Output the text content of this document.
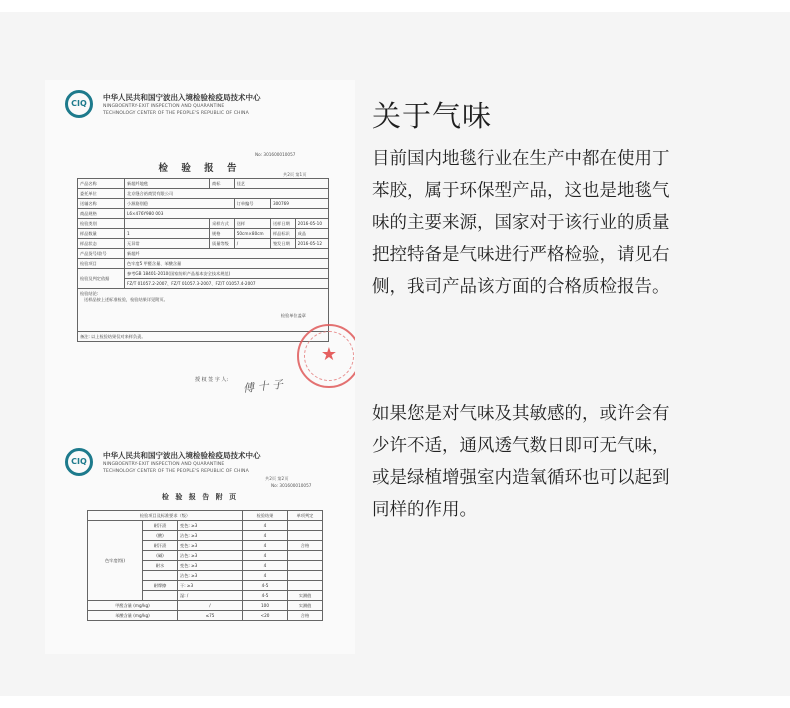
CIQ
中华人民共和国宁波出入境检验检疫局技术中心
NINGBOENTRY-EXIT INSPECTION AND QUARANTINE
TECHNOLOGY CENTER OF THE PEOPLE'S REPUBLIC OF CHINA
No: 301600010057
检 验 报 告
共2页 第1页
产品名称	新超纤地毯	商标	佳艺		
委托单位	北京缝合裕商贸有限公司				
送辅名称	小源筋别稳		订单编号	300769	
商品规格	L6×476Y980 003				
检验类别		采样方式	送样	送样日期	2016-05-10
样品数量	1	规格	50cm×80cm	样品标识	成品
样品状态	无异常	质量等级	/	签发日期	2016-05-12
产品货号/款号	新超纤				
检验项目	色牢度5 甲醛含量、苯酸含量				
检验及判定依据	参考GB 18401-2010(国家纺织产品基本安全技术规范)				
	FZ/T 01057.2-2007、FZ/T 01057.3-2007、FZ/T 01057.4-2007				

检验结论:
送样品按上述标准检验，检验结果详见附页。
检验单位盖章					

备注: 以上检验结果仅对来样负责。					
授 权 签 字 人: 傅 十 子
★
CIQ
中华人民共和国宁波出入境检验检疫局技术中心
NINGBOENTRY-EXIT INSPECTION AND QUARANTINE
TECHNOLOGY CENTER OF THE PEOPLE'S REPUBLIC OF CHINA
共2页 第2页
No: 301600010057
检 验 报 告 附 页
检验项目及标准要求（级）			检验结果	单项判定
色牢度(级)	耐汗渍	变色: ≥3	4	
	(酸)	沾色: ≥3	4	
	耐汗渍	变色: ≥3	4	合格
	(碱)	沾色: ≥3	4	
	耐水	变色: ≥3	4	
		沾色: ≥3	4	
	耐摩擦	干: ≥3	4-5	
		湿: /	4-5	实测值
甲醛含量 (mg/kg)		/	100	实测值
苯酸含量 (mg/kg)		≤75	<20	合格
关于气味
目前国内地毯行业在生产中都在使用丁
苯胶，属于环保型产品，这也是地毯气
味的主要来源，国家对于该行业的质量
把控特备是气味进行严格检验，请见右
侧，我司产品该方面的合格质检报告。
如果您是对气味及其敏感的，或许会有
少许不适，通风透气数日即可无气味，
或是绿植增强室内造氧循环也可以起到
同样的作用。
